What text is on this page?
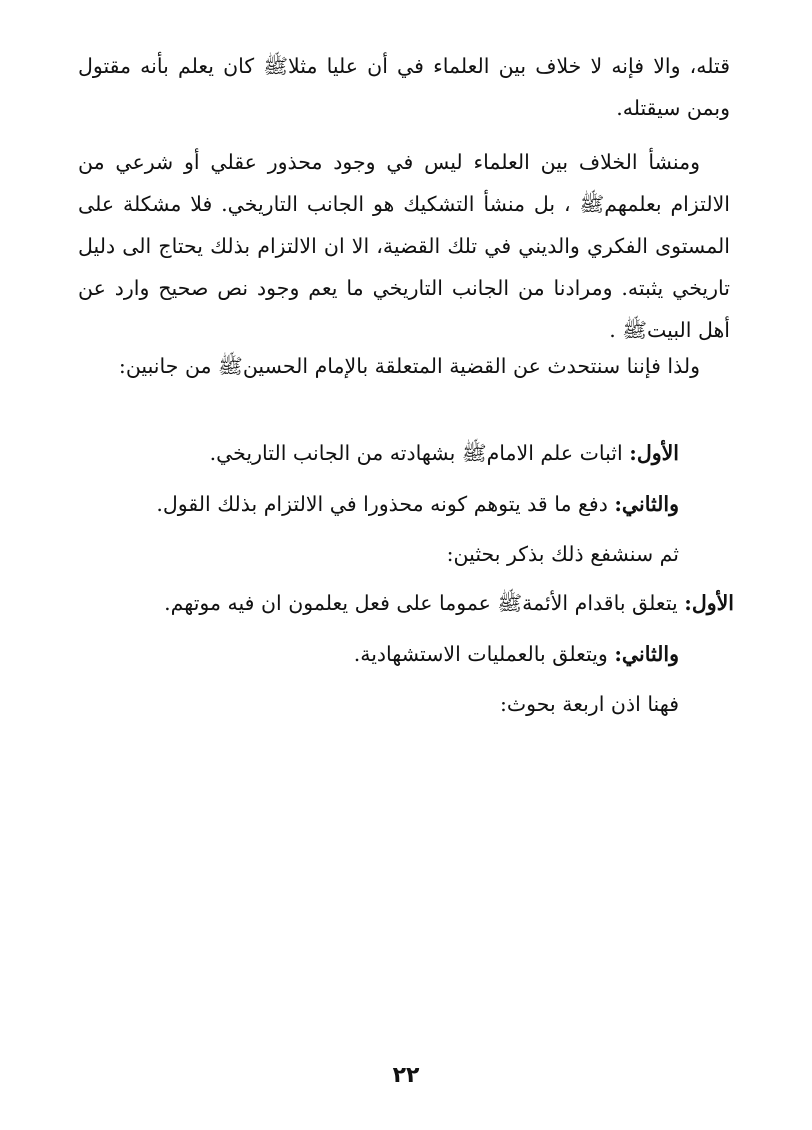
قتله، والا فإنه لا خلاف بين العلماء في أن عليا مثلاﷺ كان يعلم بأنه مقتول وبمن سيقتله.
ومنشأ الخلاف بين العلماء ليس في وجود محذور عقلي أو شرعي من الالتزام بعلمهمﷺ ، بل منشأ التشكيك هو الجانب التاريخي. فلا مشكلة على المستوى الفكري والديني في تلك القضية، الا ان الالتزام بذلك يحتاج الى دليل تاريخي يثبته. ومرادنا من الجانب التاريخي ما يعم وجود نص صحيح وارد عن أهل البيتﷺ .
ولذا فإننا سنتحدث عن القضية المتعلقة بالإمام الحسينﷺ من جانبين:
الأول: اثبات علم الامامﷺ بشهادته من الجانب التاريخي.
والثاني: دفع ما قد يتوهم كونه محذورا في الالتزام بذلك القول.
ثم سنشفع ذلك بذكر بحثين:
الأول: يتعلق باقدام الأئمةﷺ عموما على فعل يعلمون ان فيه موتهم.
والثاني: ويتعلق بالعمليات الاستشهادية.
فهنا اذن اربعة بحوث:
٢٢
